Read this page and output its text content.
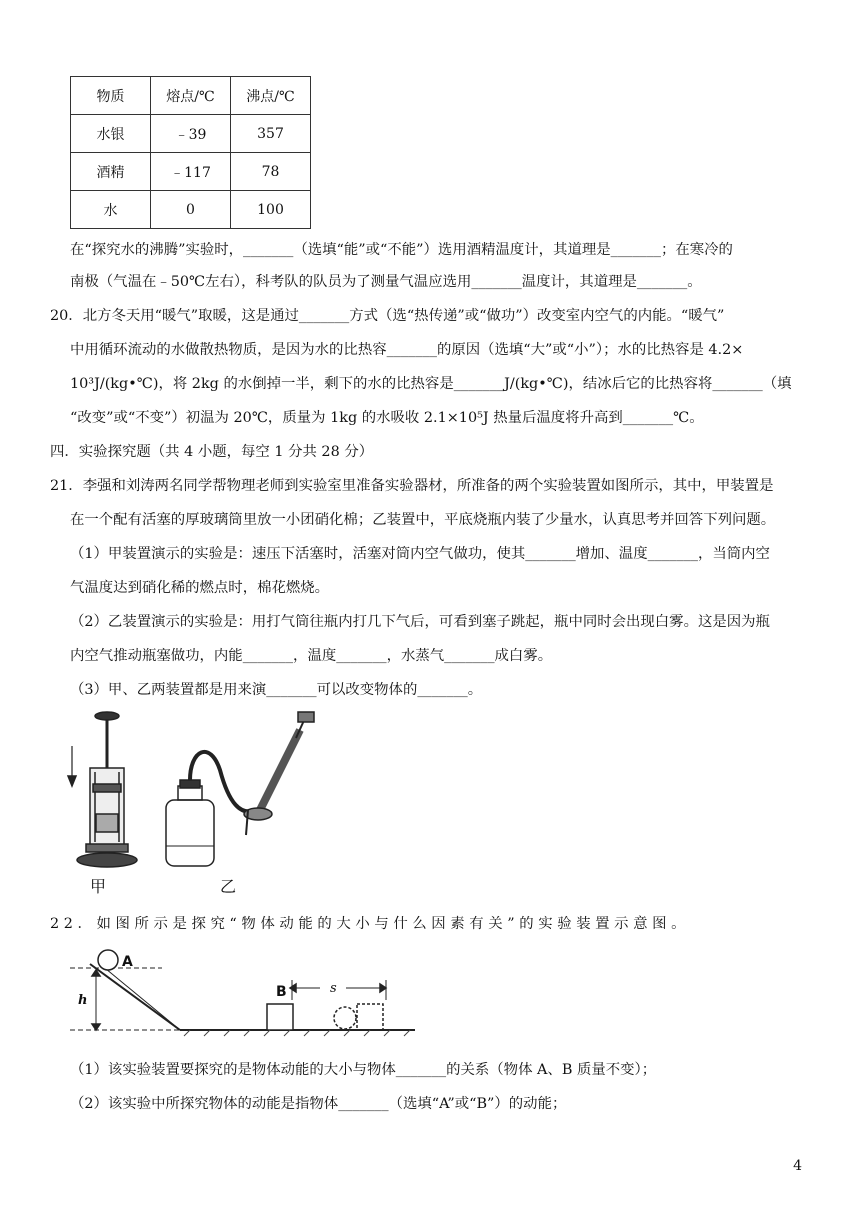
物质	熔点/℃	沸点/℃
水银	﹣39	357
酒精	﹣117	78
水	0	100
在“探究水的沸腾”实验时，_______（选填“能”或“不能”）选用酒精温度计，其道理是_______；在寒冷的
南极（气温在﹣50℃左右），科考队的队员为了测量气温应选用_______温度计，其道理是_______。
20．北方冬天用“暖气”取暖，这是通过_______方式（选“热传递”或“做功”）改变室内空气的内能。“暖气”
中用循环流动的水做散热物质，是因为水的比热容_______的原因（选填“大”或“小”）；水的比热容是 4.2×
10³J/(kg•℃)，将 2kg 的水倒掉一半，剩下的水的比热容是_______J/(kg•℃)，结冰后它的比热容将_______（填
“改变”或“不变”）初温为 20℃，质量为 1kg 的水吸收 2.1×10⁵J 热量后温度将升高到_______℃。
四．实验探究题（共 4 小题，每空 1 分共 28 分）
21．李强和刘涛两名同学帮物理老师到实验室里准备实验器材，所准备的两个实验装置如图所示，其中，甲装置是
在一个配有活塞的厚玻璃筒里放一小团硝化棉；乙装置中，平底烧瓶内装了少量水，认真思考并回答下列问题。
（1）甲装置演示的实验是：速压下活塞时，活塞对筒内空气做功，使其_______增加、温度_______，当筒内空
气温度达到硝化稀的燃点时，棉花燃烧。
（2）乙装置演示的实验是：用打气筒往瓶内打几下气后，可看到塞子跳起，瓶中同时会出现白雾。这是因为瓶
内空气推动瓶塞做功，内能_______，温度_______，水蒸气_______成白雾。
（3）甲、乙两装置都是用来演_______可以改变物体的_______。
甲	乙
22．如图所示是探究“物体动能的大小与什么因素有关”的实验装置示意图。
A
h
B	s
（1）该实验装置要探究的是物体动能的大小与物体_______的关系（物体 A、B 质量不变）；
（2）该实验中所探究物体的动能是指物体_______（选填“A”或“B”）的动能；
4
